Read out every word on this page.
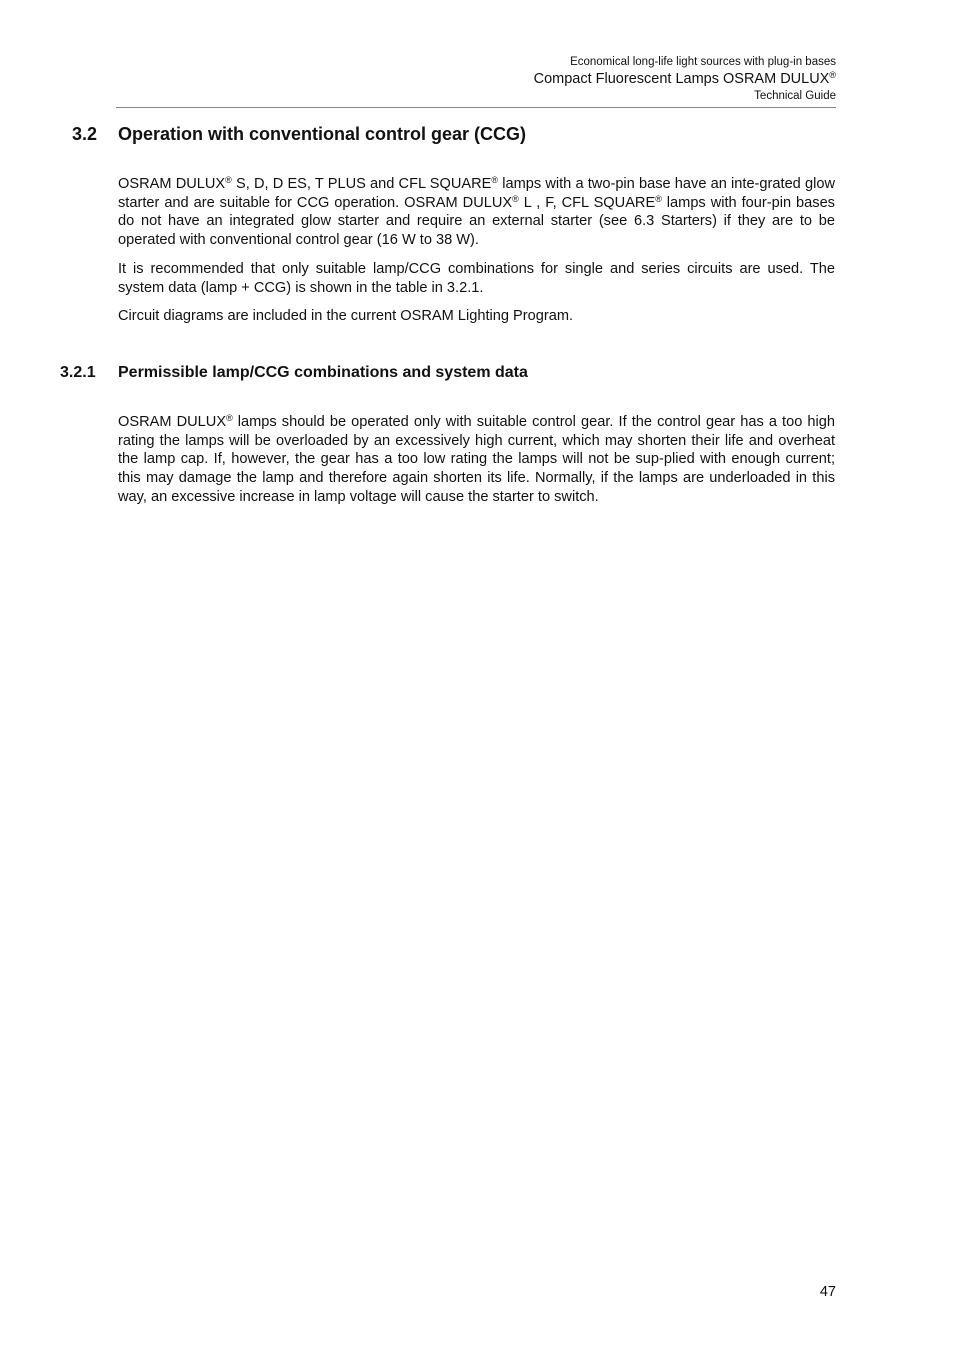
Economical long-life light sources with plug-in bases
Compact Fluorescent Lamps OSRAM DULUX®
Technical Guide
3.2 Operation with conventional control gear (CCG)

OSRAM DULUX® S, D, D ES, T PLUS and CFL SQUARE® lamps with a two-pin base have an inte-grated glow starter and are suitable for CCG operation. OSRAM DULUX® L , F, CFL SQUARE® lamps with four-pin bases do not have an integrated glow starter and require an external starter (see 6.3 Starters) if they are to be operated with conventional control gear (16 W to 38 W).

It is recommended that only suitable lamp/CCG combinations for single and series circuits are used. The system data (lamp + CCG) is shown in the table in 3.2.1.

Circuit diagrams are included in the current OSRAM Lighting Program.

3.2.1 Permissible lamp/CCG combinations and system data

OSRAM DULUX® lamps should be operated only with suitable control gear. If the control gear has a too high rating the lamps will be overloaded by an excessively high current, which may shorten their life and overheat the lamp cap. If, however, the gear has a too low rating the lamps will not be sup-plied with enough current; this may damage the lamp and therefore again shorten its life. Normally, if the lamps are underloaded in this way, an excessive increase in lamp voltage will cause the starter to switch.

47
